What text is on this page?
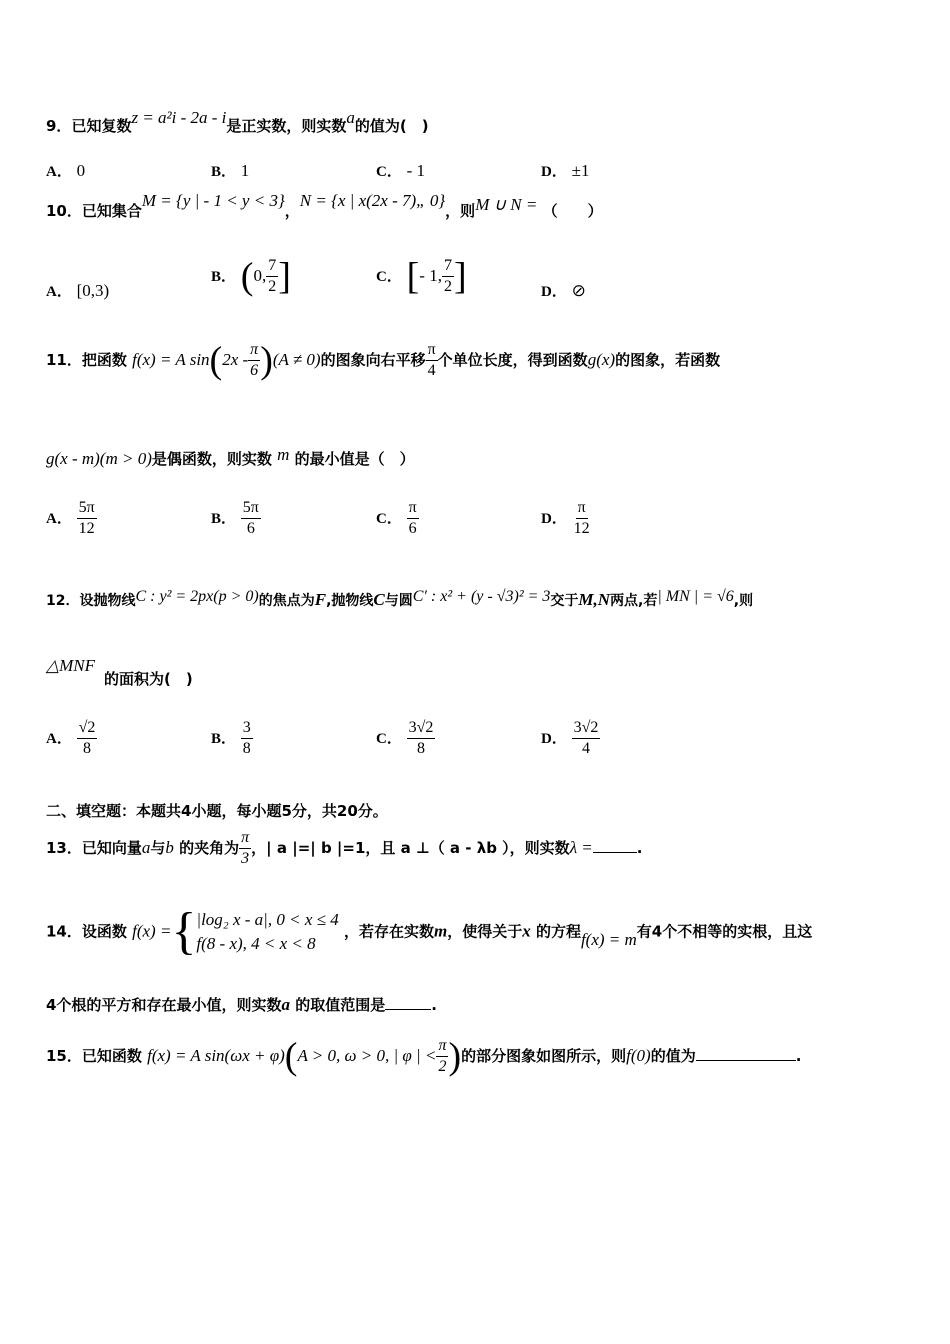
9．已知复数z = a²i - 2a - i是正实数，则实数a的值为(　)
A． 0	B． 1	C． - 1	D． ±1
10．已知集合M = {y | - 1 < y < 3}，N = {x | x(2x - 7)„ 0}，则M ∪ N = （　　）
A． [0,3)
B． (0, $\frac{7}{2}$ ]	C． [- 1, $\frac{7}{2}$ ]	D． ⊘
11．把函数 f(x) = A $\sin(2x - \frac{\pi}{6} )(A \ne 0)$的图象向右平移 $\frac{\pi}{4}$ 个单位长度，得到函数g(x)的图象，若函数
g(x - m)(m > 0)是偶函数，则实数 m 的最小值是（　）
A． $\frac{5\pi}{12}$	B． $\frac{5\pi}{6}$	C． $\frac{\pi}{6}$	D． $\frac{\pi}{12}$
12．设抛物线C : y² = 2px(p > 0)的焦点为F,抛物线C与圆C′ : x² + (y - √3)² = 3交于M,N两点,若| MN | = √6,则
△MNF
的面积为(　)
A． $\frac{√2}{8}$	B． $\frac{3}{8}$	C． $\frac{3√2}{8}$	D． $\frac{3√2}{4}$
二、填空题：本题共4小题，每小题5分，共20分。
13．已知向量a与b 的夹角为 $\frac{\pi}{3}$ ，| a |=| b |=1，且 a ⊥（ a - λb ），则实数λ =	.
14．设函数 f(x) ={ |log₂ x - a|, 0 < x ≤ 4
f(8 - x), 4 < x < 8
，若存在实数m，使得关于x 的方程f(x) = m有4个不相等的实根，且这
4个根的平方和存在最小值，则实数a 的取值范围是	.
15．已知函数 f(x) = A sin(ωx + φ)(A > 0, ω > 0, | φ | < $\frac{\pi}{2}$ )的部分图象如图所示，则f(0)的值为	.
